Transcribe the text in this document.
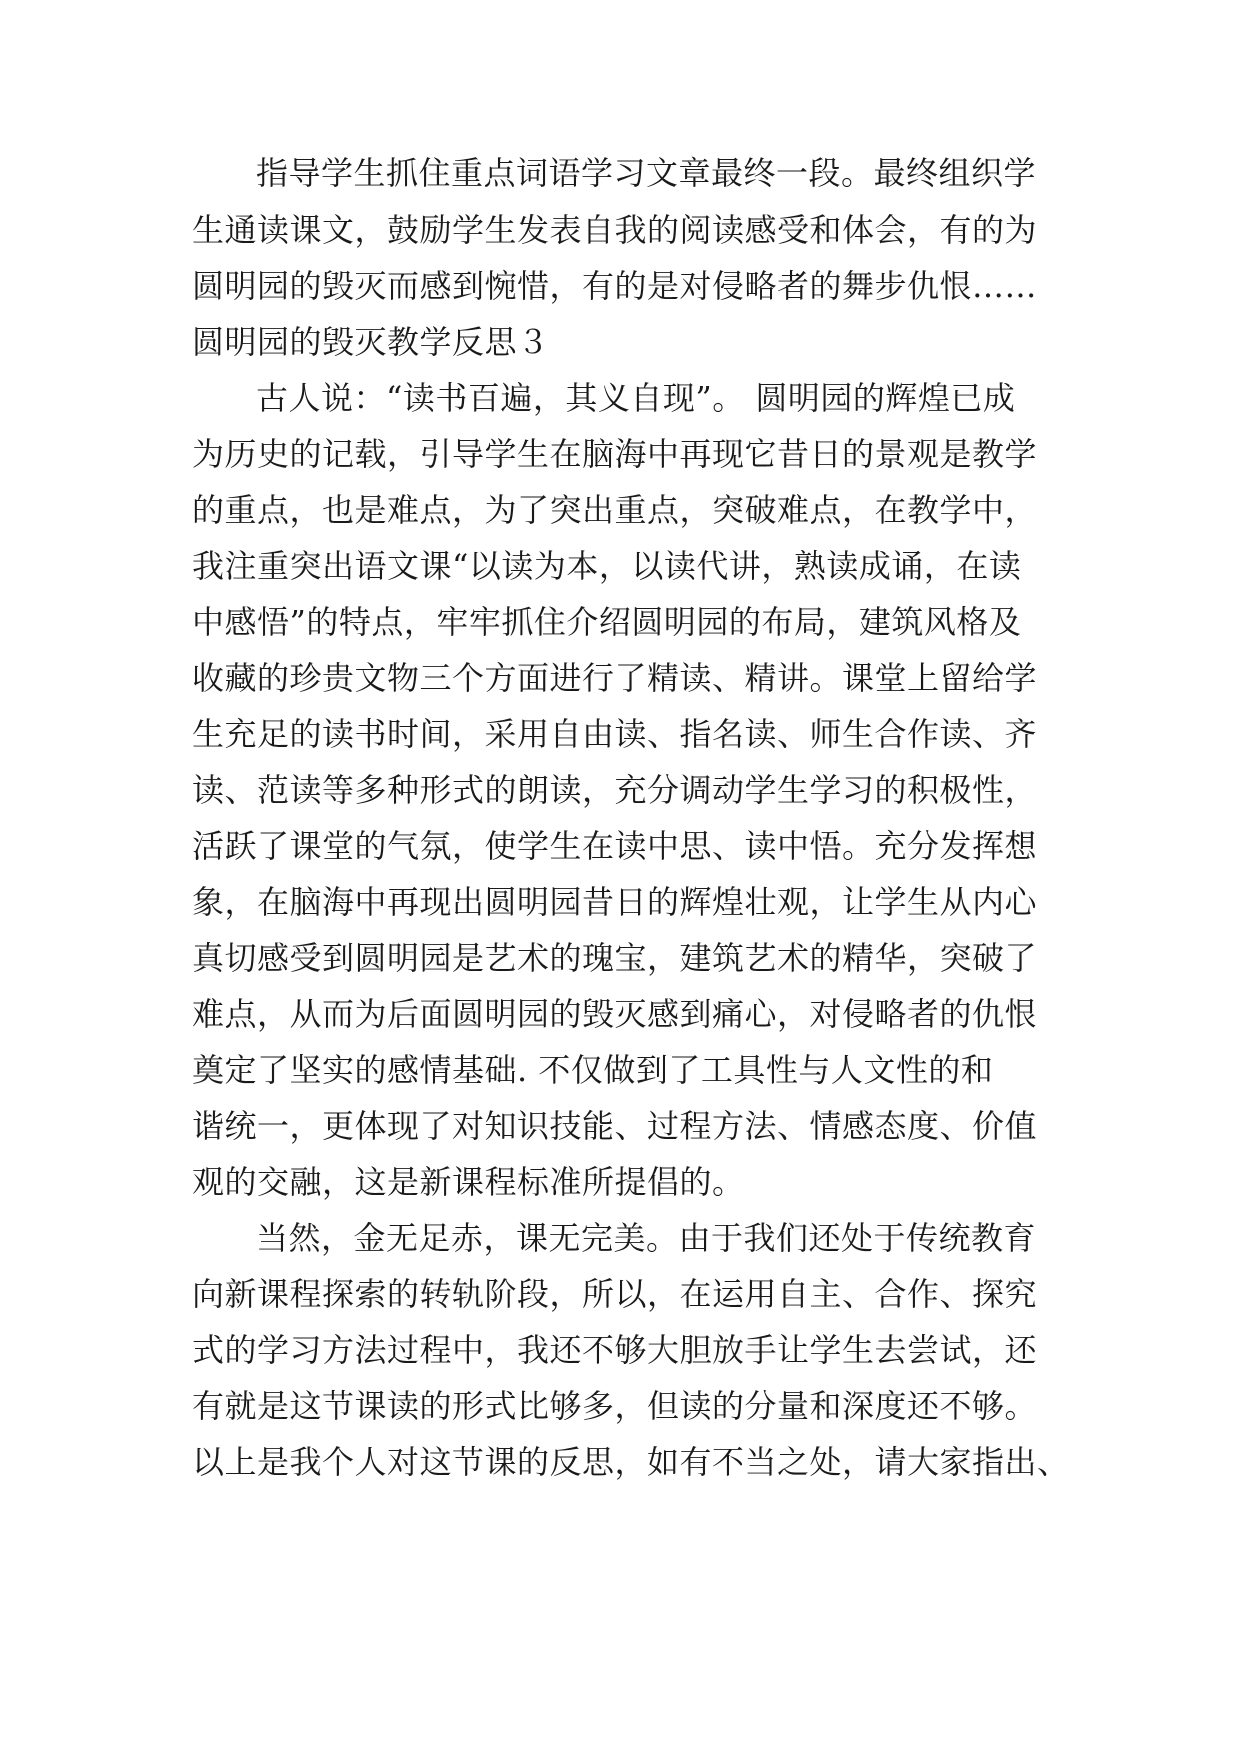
指导学生抓住重点词语学习文章最终一段。最终组织学

生通读课文，鼓励学生发表自我的阅读感受和体会，有的为

圆明园的毁灭而感到惋惜，有的是对侵略者的舞步仇恨……

圆明园的毁灭教学反思３

古人说：“读书百遍，其义自现”。 圆明园的辉煌已成

为历史的记载，引导学生在脑海中再现它昔日的景观是教学

的重点，也是难点，为了突出重点，突破难点，在教学中，

我注重突出语文课“以读为本，以读代讲，熟读成诵，在读

中感悟”的特点，牢牢抓住介绍圆明园的布局，建筑风格及

收藏的珍贵文物三个方面进行了精读、精讲。课堂上留给学

生充足的读书时间，采用自由读、指名读、师生合作读、齐

读、范读等多种形式的朗读，充分调动学生学习的积极性，

活跃了课堂的气氛，使学生在读中思、读中悟。充分发挥想

象，在脑海中再现出圆明园昔日的辉煌壮观，让学生从内心

真切感受到圆明园是艺术的瑰宝，建筑艺术的精华，突破了

难点，从而为后面圆明园的毁灭感到痛心，对侵略者的仇恨

奠定了坚实的感情基础. 不仅做到了工具性与人文性的和

谐统一，更体现了对知识技能、过程方法、情感态度、价值

观的交融，这是新课程标准所提倡的。

当然，金无足赤，课无完美。由于我们还处于传统教育

向新课程探索的转轨阶段，所以，在运用自主、合作、探究

式的学习方法过程中，我还不够大胆放手让学生去尝试，还

有就是这节课读的形式比够多，但读的分量和深度还不够。

以上是我个人对这节课的反思，如有不当之处，请大家指出、
